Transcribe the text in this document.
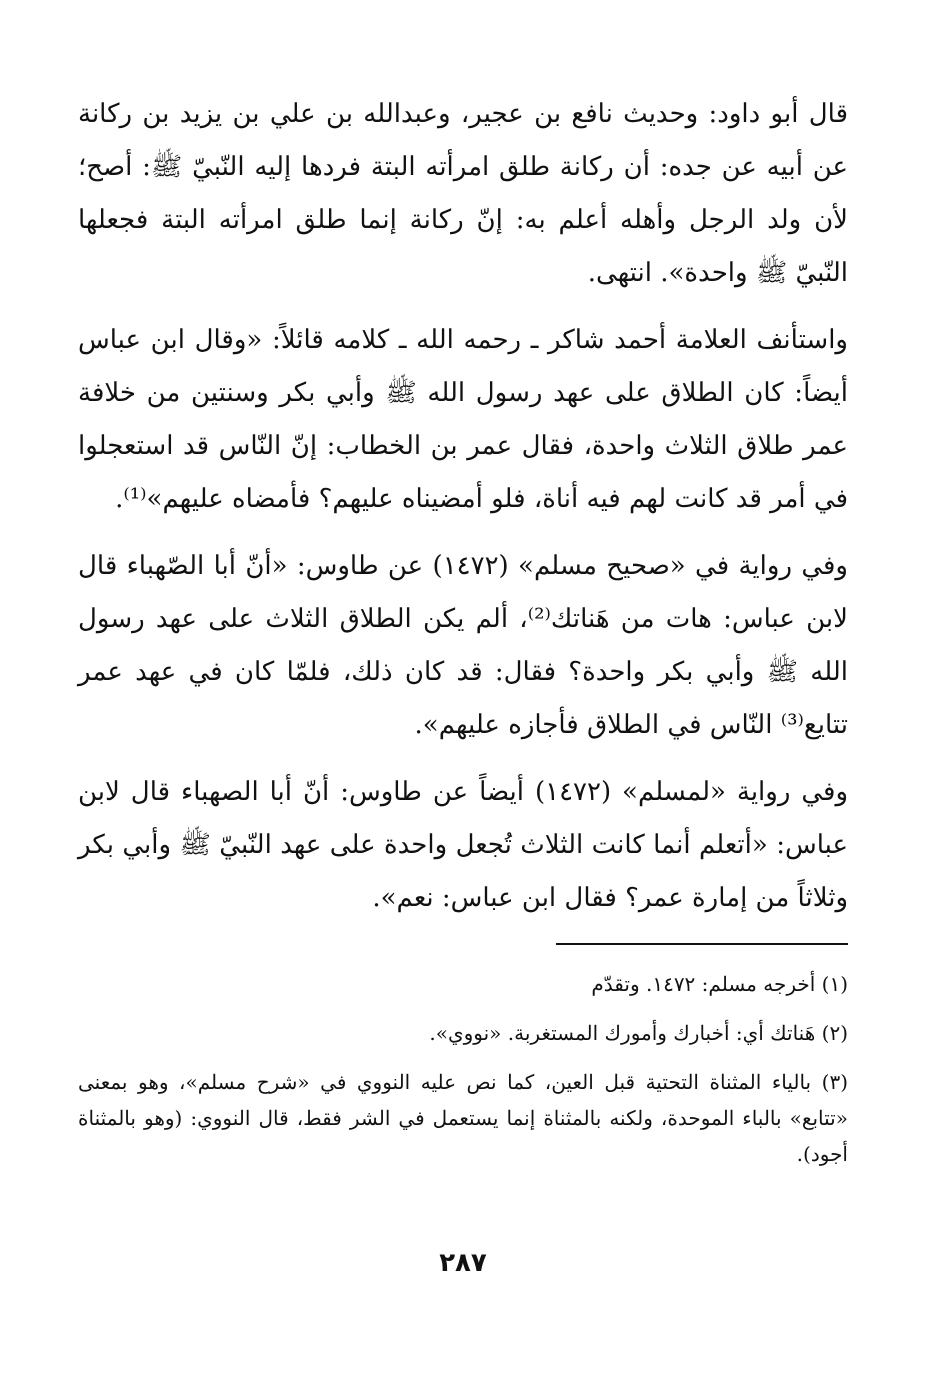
قال أبو داود: وحديث نافع بن عجير، وعبدالله بن علي بن يزيد بن ركانة عن أبيه عن جده: أن ركانة طلق امرأته البتة فردها إليه النّبيّ ﷺ: أصح؛ لأن ولد الرجل وأهله أعلم به: إنّ ركانة إنما طلق امرأته البتة فجعلها النّبيّ ﷺ واحدة». انتهى.

واستأنف العلامة أحمد شاكر ـ رحمه الله ـ كلامه قائلاً: «وقال ابن عباس أيضاً: كان الطلاق على عهد رسول الله ﷺ وأبي بكر وسنتين من خلافة عمر طلاق الثلاث واحدة، فقال عمر بن الخطاب: إنّ النّاس قد استعجلوا في أمر قد كانت لهم فيه أناة، فلو أمضيناه عليهم؟ فأمضاه عليهم»⁽¹⁾.

وفي رواية في «صحيح مسلم» (١٤٧٢) عن طاوس: «أنّ أبا الصّهباء قال لابن عباس: هات من هَناتك⁽²⁾، ألم يكن الطلاق الثلاث على عهد رسول الله ﷺ وأبي بكر واحدة؟ فقال: قد كان ذلك، فلمّا كان في عهد عمر تتايع⁽³⁾ النّاس في الطلاق فأجازه عليهم».

وفي رواية «لمسلم» (١٤٧٢) أيضاً عن طاوس: أنّ أبا الصهباء قال لابن عباس: «أتعلم أنما كانت الثلاث تُجعل واحدة على عهد النّبيّ ﷺ وأبي بكر وثلاثاً من إمارة عمر؟ فقال ابن عباس: نعم».

(١) أخرجه مسلم: ١٤٧٢. وتقدّم

(٢) هَناتك أي: أخبارك وأمورك المستغربة. «نووي».

(٣) بالياء المثناة التحتية قبل العين، كما نص عليه النووي في «شرح مسلم»، وهو بمعنى «تتابع» بالباء الموحدة، ولكنه بالمثناة إنما يستعمل في الشر فقط، قال النووي: (وهو بالمثناة أجود).

٢٨٧
